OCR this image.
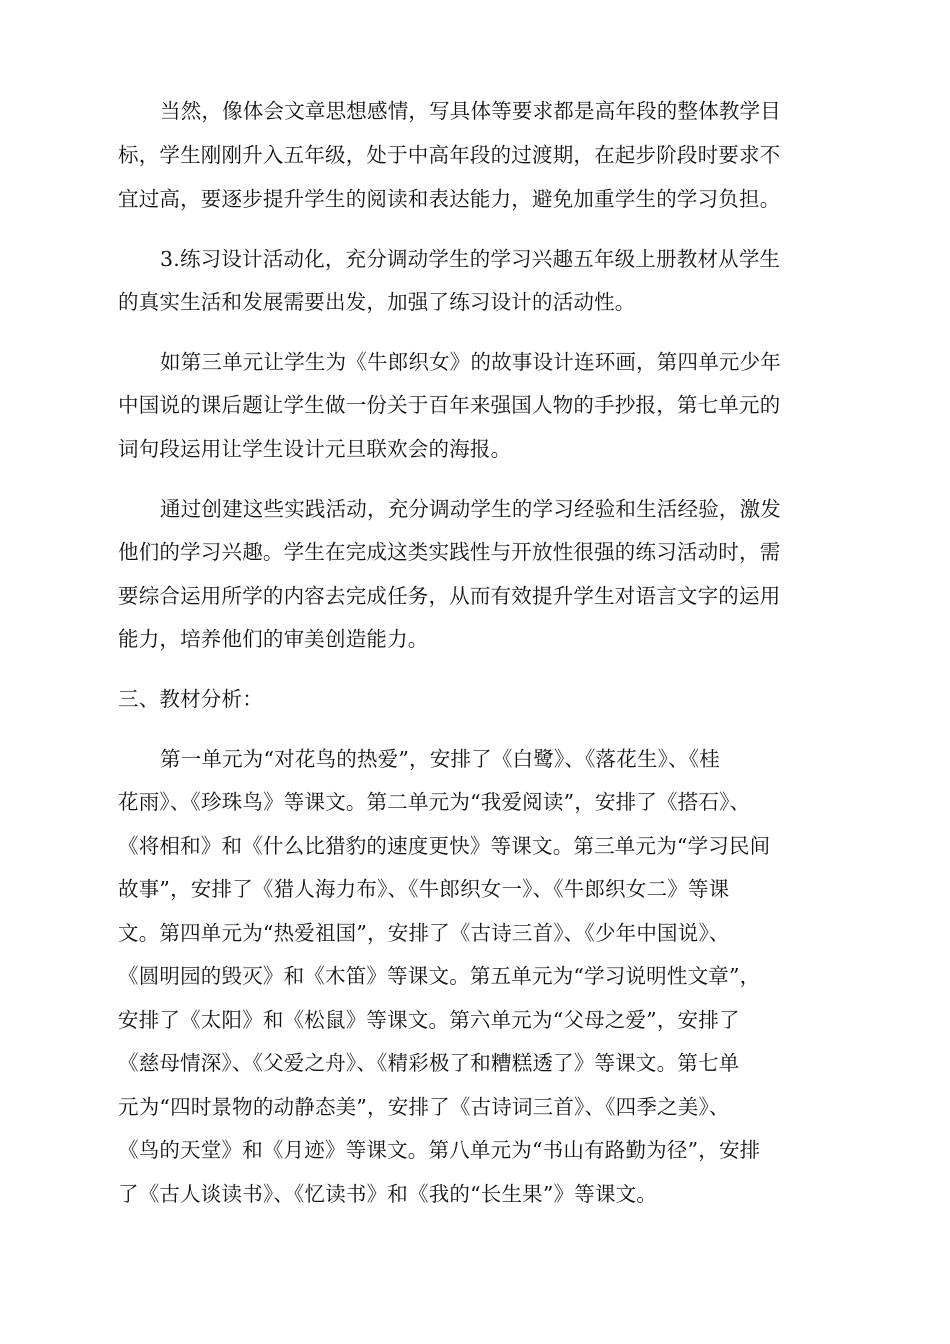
当然，像体会文章思想感情，写具体等要求都是高年段的整体教学目
标，学生刚刚升入五年级，处于中高年段的过渡期，在起步阶段时要求不
宜过高，要逐步提升学生的阅读和表达能力，避免加重学生的学习负担。
3.练习设计活动化，充分调动学生的学习兴趣五年级上册教材从学生
的真实生活和发展需要出发，加强了练习设计的活动性。
如第三单元让学生为《牛郎织女》的故事设计连环画，第四单元少年
中国说的课后题让学生做一份关于百年来强国人物的手抄报，第七单元的
词句段运用让学生设计元旦联欢会的海报。
通过创建这些实践活动，充分调动学生的学习经验和生活经验，激发
他们的学习兴趣。学生在完成这类实践性与开放性很强的练习活动时，需
要综合运用所学的内容去完成任务，从而有效提升学生对语言文字的运用
能力，培养他们的审美创造能力。
三、教材分析：
第一单元为“对花鸟的热爱”，安排了《白鹭》、《落花生》、《桂
花雨》、《珍珠鸟》等课文。第二单元为“我爱阅读”，安排了《搭石》、
《将相和》和《什么比猎豹的速度更快》等课文。第三单元为“学习民间
故事”，安排了《猎人海力布》、《牛郎织女一》、《牛郎织女二》等课
文。第四单元为“热爱祖国”，安排了《古诗三首》、《少年中国说》、
《圆明园的毁灭》和《木笛》等课文。第五单元为“学习说明性文章”，
安排了《太阳》和《松鼠》等课文。第六单元为“父母之爱”，安排了
《慈母情深》、《父爱之舟》、《精彩极了和糟糕透了》等课文。第七单
元为“四时景物的动静态美”，安排了《古诗词三首》、《四季之美》、
《鸟的天堂》和《月迹》等课文。第八单元为“书山有路勤为径”，安排
了《古人谈读书》、《忆读书》和《我的“长生果”》等课文。
